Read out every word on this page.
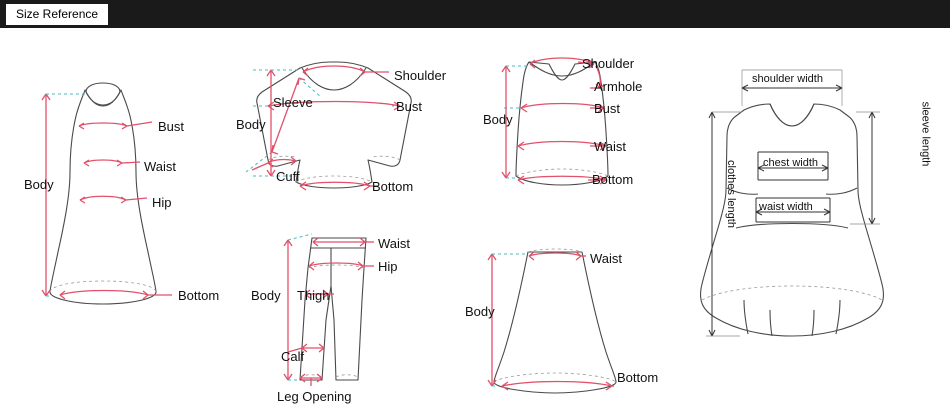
Size Reference
Bust
Waist
Hip
Body
Bottom
Shoulder
Sleeve	Bust
Body
Cuff
Bottom
Shoulder
Armhole
Bust
Body
Waist
Bottom
Waist
Hip
Thigh
Body
Calf
Leg Opening
Waist
Body
Bottom
shoulder width
chest width
waist width
sleeve length
clothes length
